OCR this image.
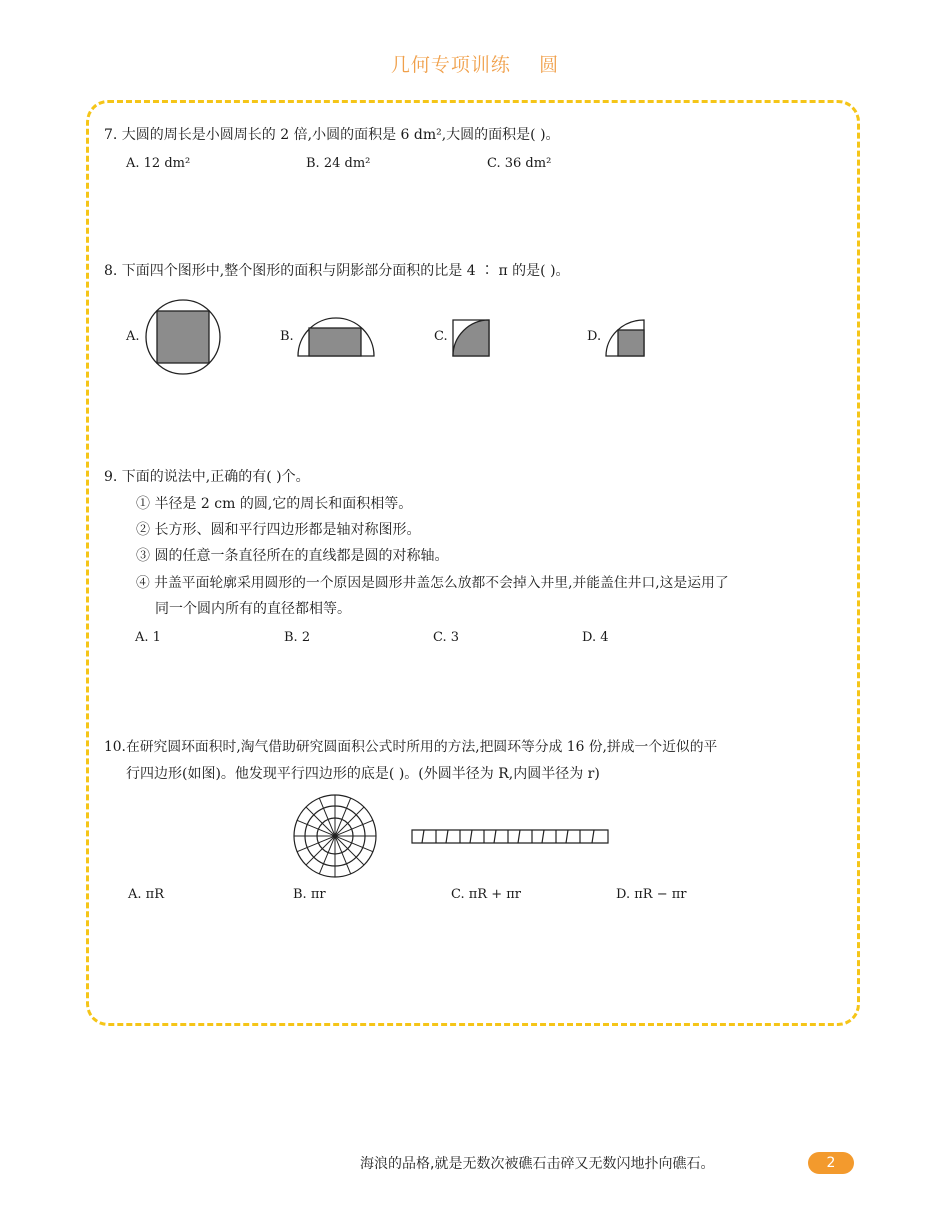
几何专项训练    圆
7. 大圆的周长是小圆周长的 2 倍,小圆的面积是 6 dm²,大圆的面积是( )。
A. 12 dm²	B. 24 dm²	C. 36 dm²
8. 下面四个图形中,整个图形的面积与阴影部分面积的比是 4 ∶ π 的是( )。
A.	B.	C.	D.
9. 下面的说法中,正确的有( )个。
① 半径是 2 cm 的圆,它的周长和面积相等。
② 长方形、圆和平行四边形都是轴对称图形。
③ 圆的任意一条直径所在的直线都是圆的对称轴。
④ 井盖平面轮廓采用圆形的一个原因是圆形井盖怎么放都不会掉入井里,并能盖住井口,这是运用了
同一个圆内所有的直径都相等。
A. 1	B. 2	C. 3	D. 4
10.在研究圆环面积时,淘气借助研究圆面积公式时所用的方法,把圆环等分成 16 份,拼成一个近似的平
行四边形(如图)。他发现平行四边形的底是( )。(外圆半径为 R,内圆半径为 r)
A. πR	B. πr	C. πR + πr	D. πR − πr
海浪的品格,就是无数次被礁石击碎又无数闪地扑向礁石。	2
